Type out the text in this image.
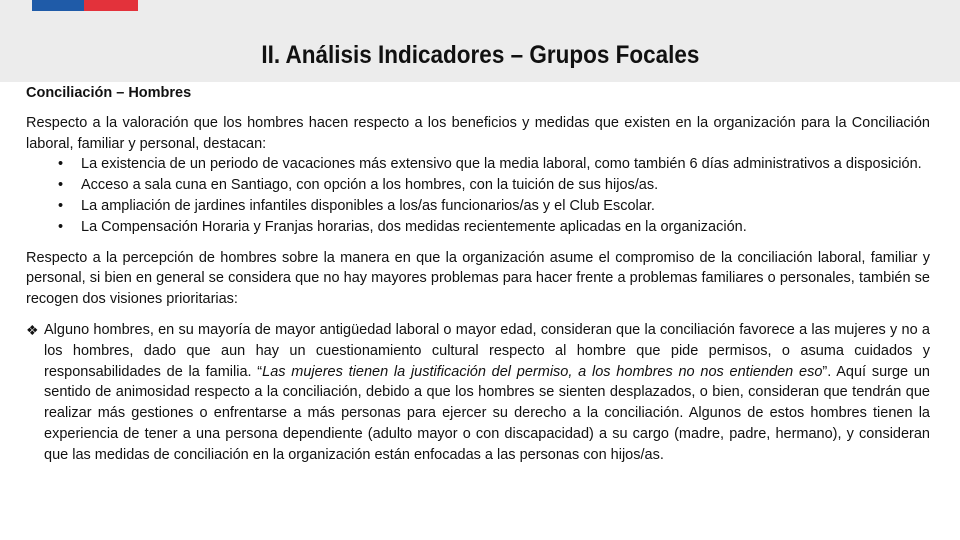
II. Análisis Indicadores – Grupos Focales

Conciliación – Hombres

Respecto a la valoración que los hombres hacen respecto a los beneficios y medidas que existen en la organización para la Conciliación laboral, familiar y personal, destacan:

• La existencia de un periodo de vacaciones más extensivo que la media laboral, como también 6 días administrativos a disposición.
• Acceso a sala cuna en Santiago, con opción a los hombres, con la tuición de sus hijos/as.
• La ampliación de jardines infantiles disponibles a los/as funcionarios/as y el Club Escolar.
• La Compensación Horaria y Franjas horarias, dos medidas recientemente aplicadas en la organización.

Respecto a la percepción de hombres sobre la manera en que la organización asume el compromiso de la conciliación laboral, familiar y personal, si bien en general se considera que no hay mayores problemas para hacer frente a problemas familiares o personales, también se recogen dos visiones prioritarias:

❖ Alguno hombres, en su mayoría de mayor antigüedad laboral o mayor edad, consideran que la conciliación favorece a las mujeres y no a los hombres, dado que aun hay un cuestionamiento cultural respecto al hombre que pide permisos, o asuma cuidados y responsabilidades de la familia. “Las mujeres tienen la justificación del permiso, a los hombres no nos entienden eso”. Aquí surge un sentido de animosidad respecto a la conciliación, debido a que los hombres se sienten desplazados, o bien, consideran que tendrán que realizar más gestiones o enfrentarse a más personas para ejercer su derecho a la conciliación. Algunos de estos hombres tienen la experiencia de tener a una persona dependiente (adulto mayor o con discapacidad) a su cargo (madre, padre, hermano), y consideran que las medidas de conciliación en la organización están enfocadas a las personas con hijos/as.
